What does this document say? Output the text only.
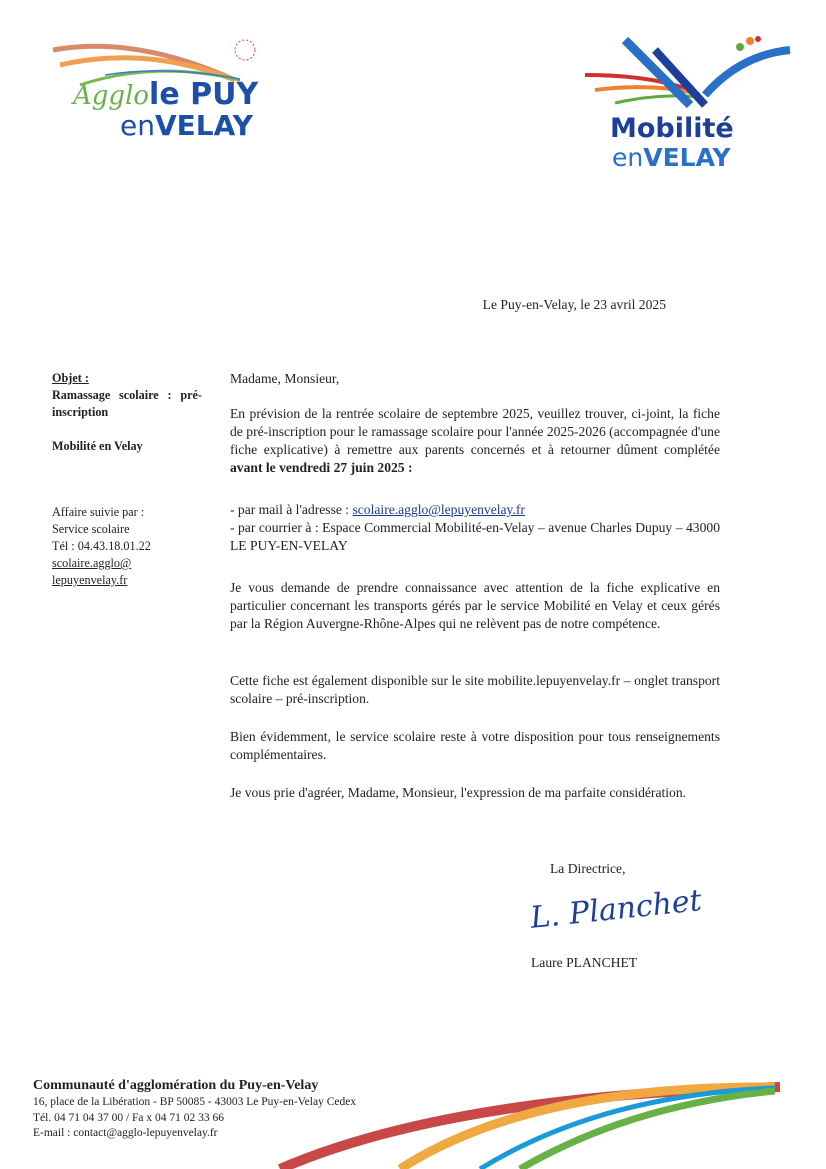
Agglole PUY
enVELAY	Mobilité
enVELAY
Le Puy-en-Velay, le 23 avril 2025
Objet :
Ramassage scolaire : pré-inscription
Mobilité en Velay
Affaire suivie par :
Service scolaire
Tél : 04.43.18.01.22
scolaire.agglo@
lepuyenvelay.fr
Madame, Monsieur,
En prévision de la rentrée scolaire de septembre 2025, veuillez trouver, ci-joint, la fiche de pré-inscription pour le ramassage scolaire pour l'année 2025-2026 (accompagnée d'une fiche explicative) à remettre aux parents concernés et à retourner dûment complétée avant le vendredi 27 juin 2025 :
- par mail à l'adresse : scolaire.agglo@lepuyenvelay.fr
- par courrier à : Espace Commercial Mobilité-en-Velay – avenue Charles Dupuy – 43000 LE PUY-EN-VELAY
Je vous demande de prendre connaissance avec attention de la fiche explicative en particulier concernant les transports gérés par le service Mobilité en Velay et ceux gérés par la Région Auvergne-Rhône-Alpes qui ne relèvent pas de notre compétence.
Cette fiche est également disponible sur le site mobilite.lepuyenvelay.fr – onglet transport scolaire – pré-inscription.
Bien évidemment, le service scolaire reste à votre disposition pour tous renseignements complémentaires.
Je vous prie d'agréer, Madame, Monsieur, l'expression de ma parfaite considération.
La Directrice,
L. Planchet
Laure PLANCHET
Communauté d'agglomération du Puy-en-Velay
16, place de la Libération - BP 50085 - 43003 Le Puy-en-Velay Cedex
Tél. 04 71 04 37 00 / Fa x 04 71 02 33 66
E-mail : contact@agglo-lepuyenvelay.fr
